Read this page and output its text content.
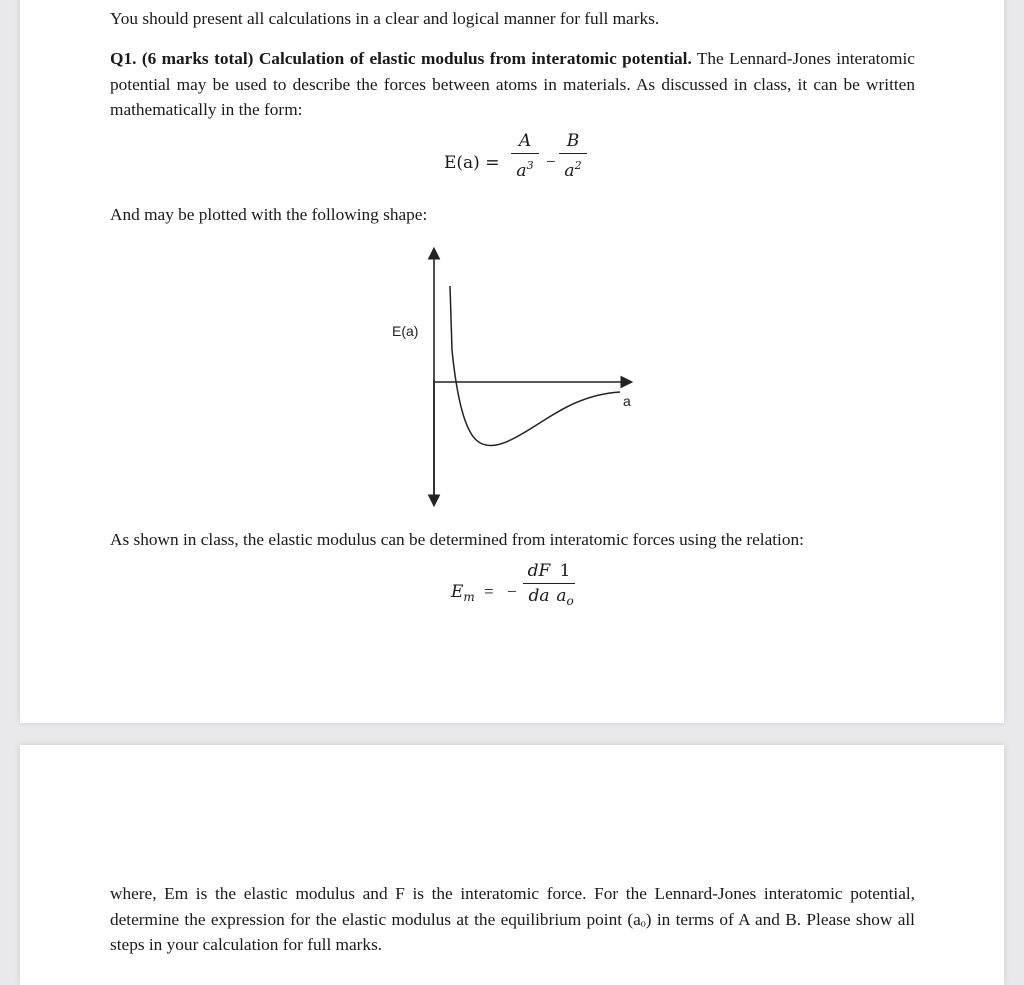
You should present all calculations in a clear and logical manner for full marks.
Q1. (6 marks total) Calculation of elastic modulus from interatomic potential. The Lennard-Jones interatomic potential may be used to describe the forces between atoms in materials. As discussed in class, it can be written mathematically in the form:
E(a) =
A
$a^3$ −
B
$a^2$
And may be plotted with the following shape:
E(a)
a
As shown in class, the elastic modulus can be determined from interatomic forces using the relation:
$E_m$ = −
dF
da
1
$a_o$
where, Em is the elastic modulus and F is the interatomic force. For the Lennard-Jones interatomic potential, determine the expression for the elastic modulus at the equilibrium point (aₒ) in terms of A and B. Please show all steps in your calculation for full marks.
